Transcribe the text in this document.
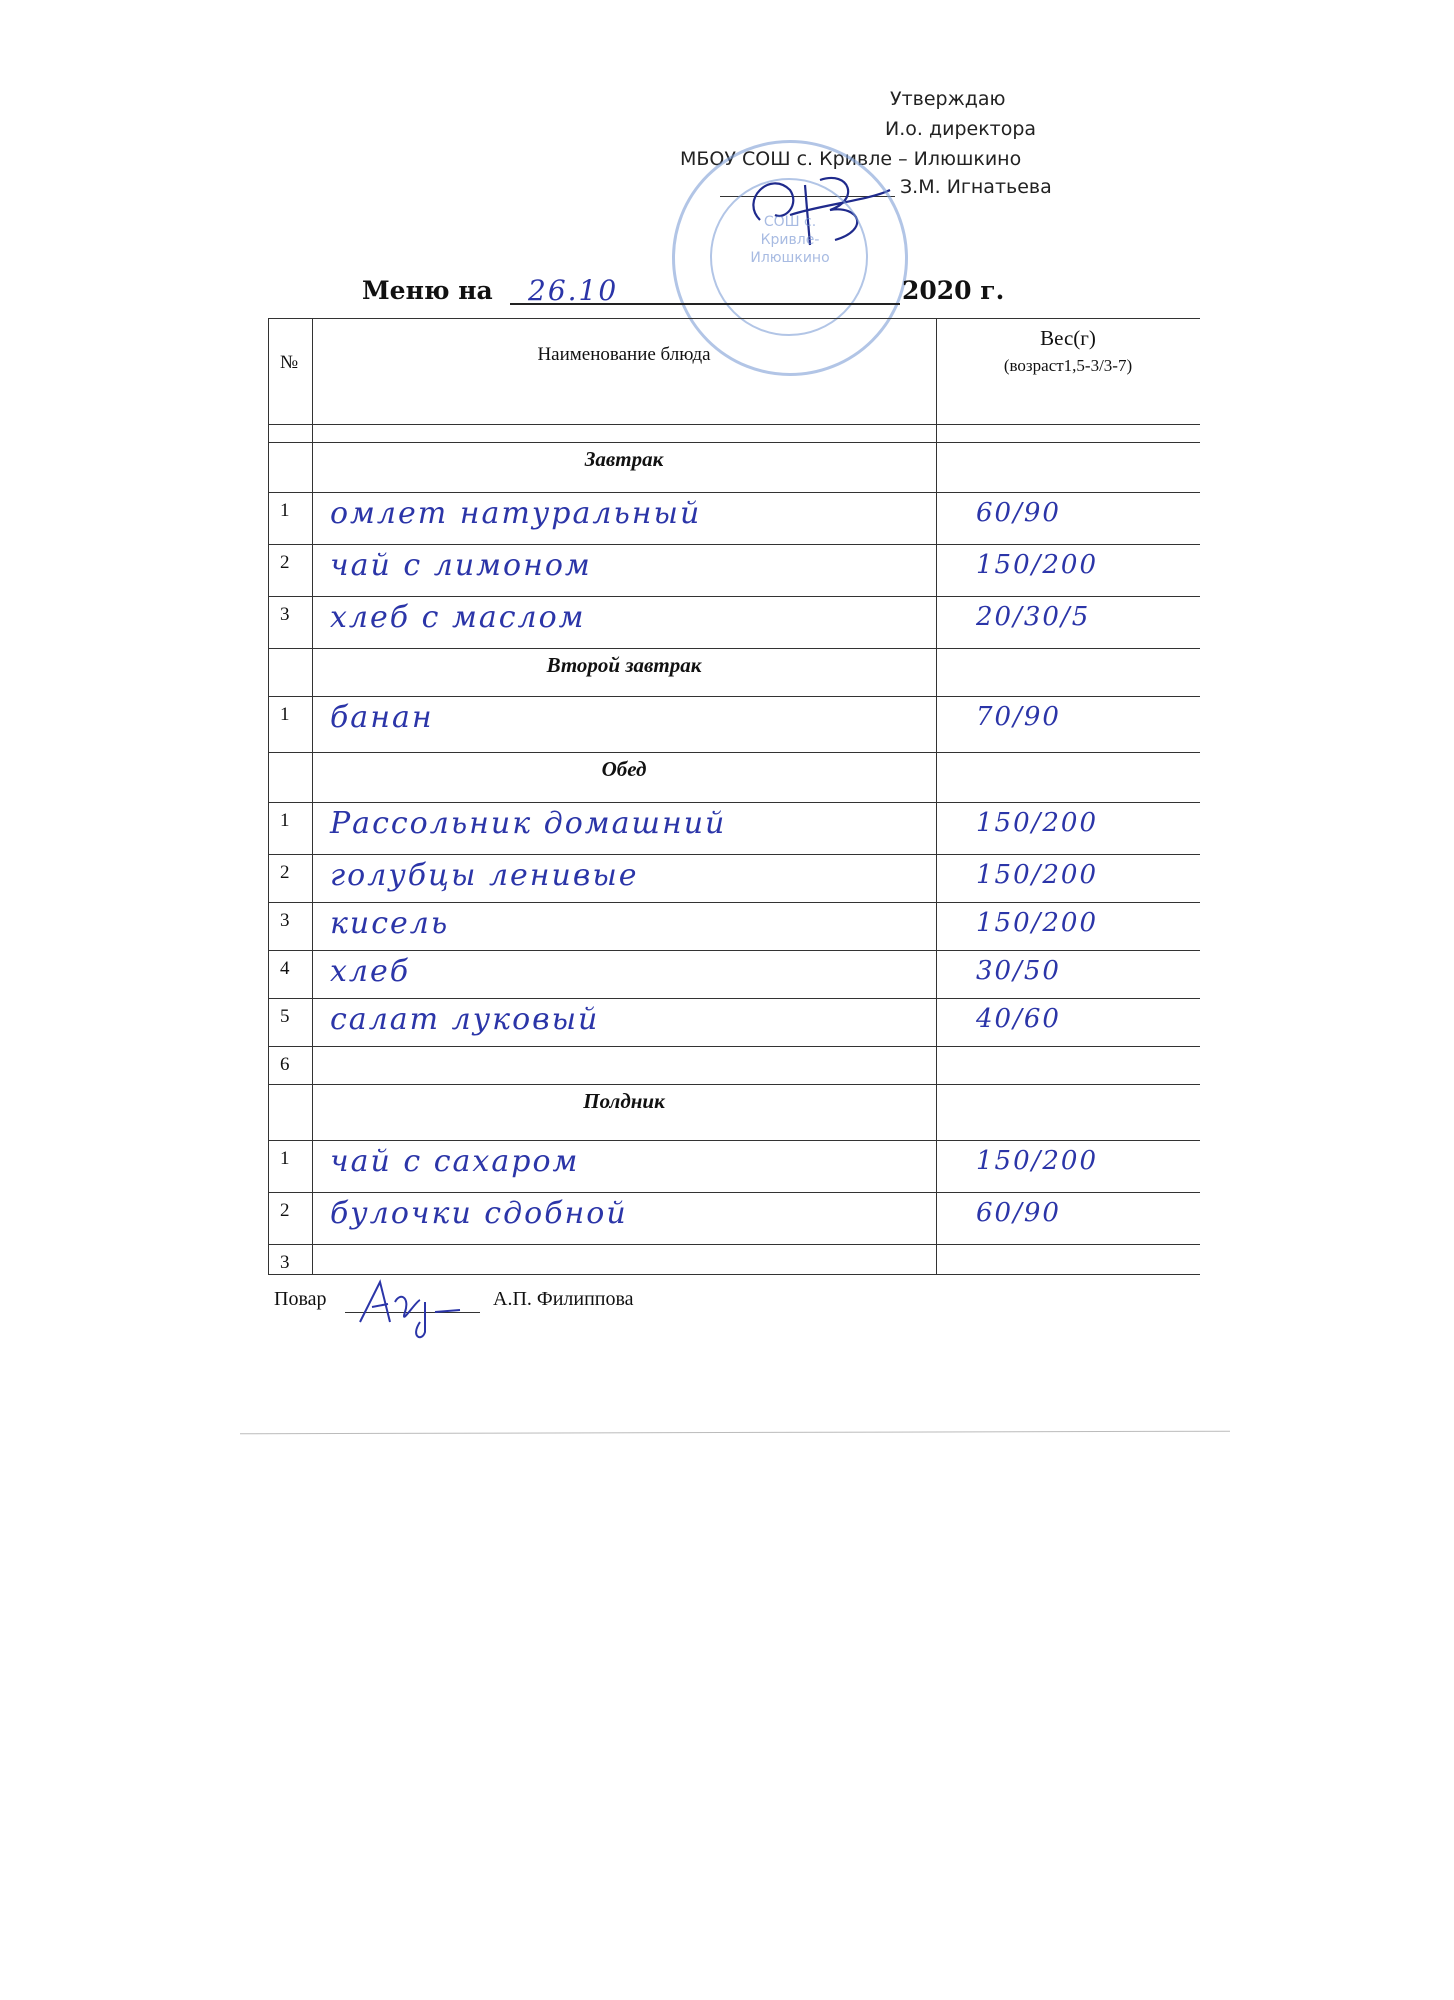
Утверждаю
И.о. директора
МБОУ СОШ с. Кривле – Илюшкино
З.М. Игнатьева
СОШ с. Кривле-Илюшкино
Меню на	26.10	2020 г.
№	Наименование блюда
Вес(г)
(возраст1,5-3/3-7)
Завтрак
1 омлет натуральный	60/90
2 чай с лимоном	150/200
3 хлеб с маслом	20/30/5
Второй завтрак
1 банан	70/90
Обед
1 Рассольник домашний	150/200
2 голубцы ленивые	150/200
3 кисель	150/200
4 хлеб	30/50
5 салат луковый	40/60
6
Полдник
1 чай с сахаром	150/200
2 булочки сдобной	60/90
3
Повар	А.П. Филиппова
